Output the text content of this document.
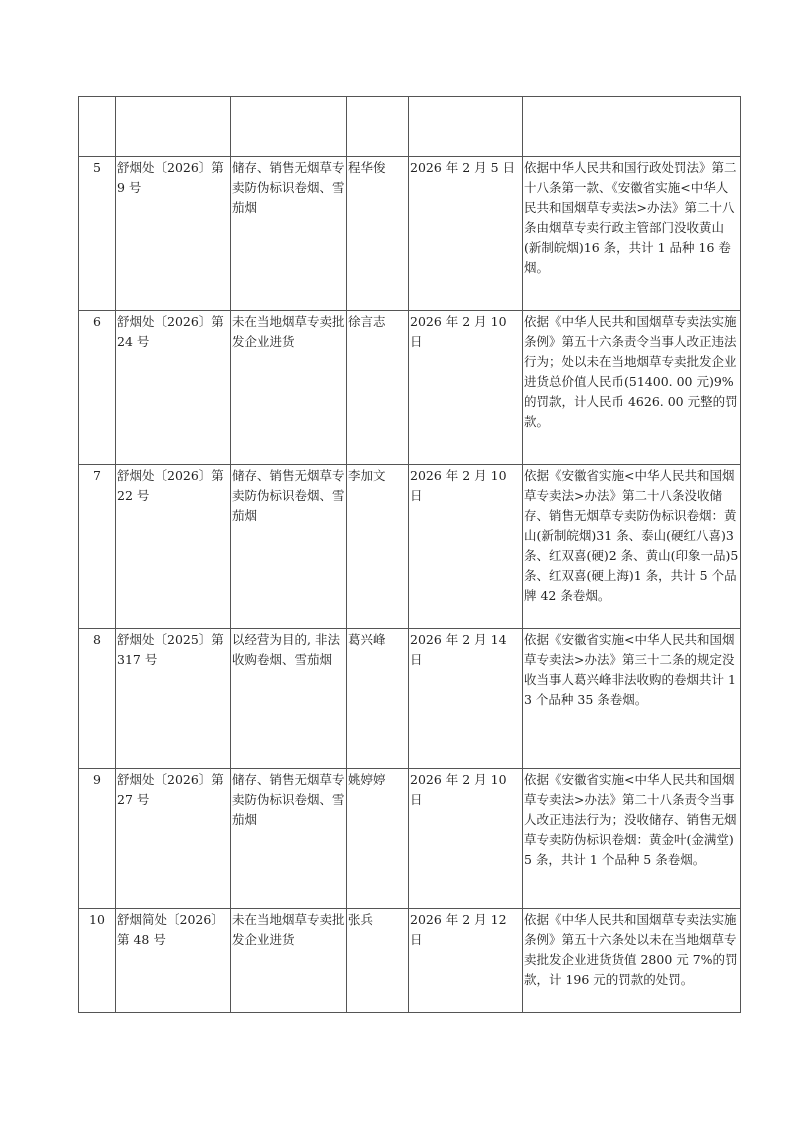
5	舒烟处〔2026〕第 9 号	储存、销售无烟草专卖防伪标识卷烟、雪茄烟	程华俊	2026 年 2 月 5 日	依据中华人民共和国行政处罚法》第二十八条第一款、《安徽省实施<中华人民共和国烟草专卖法>办法》第二十八条由烟草专卖行政主管部门没收黄山(新制皖烟)16 条，共计 1 品种 16 卷烟。
6	舒烟处〔2026〕第 24 号	未在当地烟草专卖批发企业进货	徐言志	2026 年 2 月 10 日	依据《中华人民共和国烟草专卖法实施条例》第五十六条责令当事人改正违法行为；处以未在当地烟草专卖批发企业进货总价值人民币(51400. 00 元)9%的罚款，计人民币 4626. 00 元整的罚款。
7	舒烟处〔2026〕第 22 号	储存、销售无烟草专卖防伪标识卷烟、雪茄烟	李加文	2026 年 2 月 10 日	依据《安徽省实施<中华人民共和国烟草专卖法>办法》第二十八条没收储存、销售无烟草专卖防伪标识卷烟：黄山(新制皖烟)31 条、泰山(硬红八喜)3 条、红双喜(硬)2 条、黄山(印象一品)5 条、红双喜(硬上海)1 条，共计 5 个品牌 42 条卷烟。
8	舒烟处〔2025〕第 317 号	以经营为目的, 非法收购卷烟、雪茄烟	葛兴峰	2026 年 2 月 14 日	依据《安徽省实施<中华人民共和国烟草专卖法>办法》第三十二条的规定没收当事人葛兴峰非法收购的卷烟共计 13 个品种 35 条卷烟。
9	舒烟处〔2026〕第 27 号	储存、销售无烟草专卖防伪标识卷烟、雪茄烟	姚婷婷	2026 年 2 月 10 日	依据《安徽省实施<中华人民共和国烟草专卖法>办法》第二十八条责令当事人改正违法行为；没收储存、销售无烟草专卖防伪标识卷烟：黄金叶(金满堂)5 条，共计 1 个品种 5 条卷烟。
10	舒烟简处〔2026〕第 48 号	未在当地烟草专卖批发企业进货	张兵	2026 年 2 月 12 日	依据《中华人民共和国烟草专卖法实施条例》第五十六条处以未在当地烟草专卖批发企业进货货值 2800 元 7%的罚款，计 196 元的罚款的处罚。
